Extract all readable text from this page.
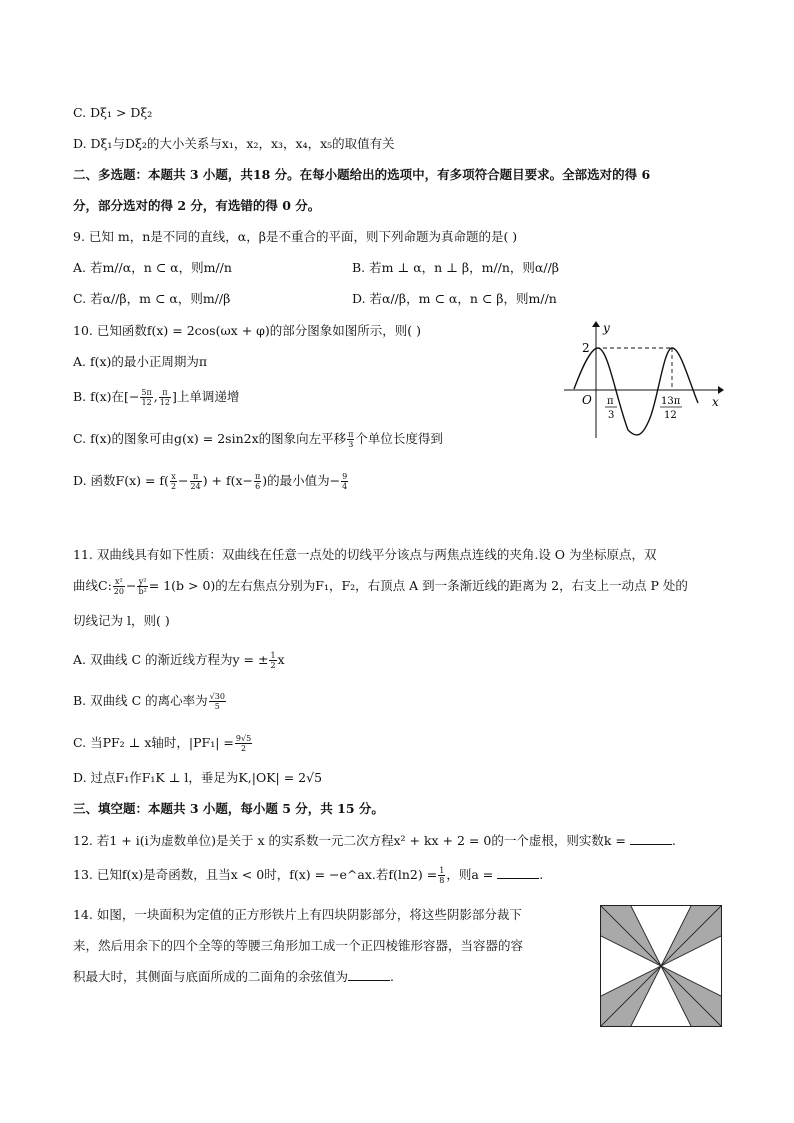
C. Dξ₁ > Dξ₂
D. Dξ₁与Dξ₂的大小关系与x₁，x₂，x₃，x₄，x₅的取值有关
二、多选题：本题共 3 小题，共18 分。在每小题给出的选项中，有多项符合题目要求。全部选对的得 6
分，部分选对的得 2 分，有选错的得 0 分。
9. 已知 m，n是不同的直线，α，β是不重合的平面，则下列命题为真命题的是( )
A. 若m//α，n ⊂ α，则m//n	B. 若m ⊥ α，n ⊥ β，m//n，则α//β
C. 若α//β，m ⊂ α，则m//β	D. 若α//β，m ⊂ α，n ⊂ β，则m//n
10. 已知函数f(x) = 2cos(ωx + φ)的部分图象如图所示，则( )
A. f(x)的最小正周期为π
B. f(x)在[− $\frac{5\pi}{12}$ , $\frac{\pi}{12}$ ]上单调递增
C. f(x)的图象可由g(x) = 2sin2x的图象向左平移 $\frac{\pi}{3}$ 个单位长度得到
D. 函数$F(x) = f( \frac{x}{2} - \frac{\pi}{24}$ ) + $f(x- \frac{\pi}{6}$ )的最小值为− $\frac{9}{4}$
y
x
O
2
π
3
13π
12
11. 双曲线具有如下性质：双曲线在任意一点处的切线平分该点与两焦点连线的夹角.设 O 为坐标原点，双
曲线C: $\frac{\text{x²}}{20} - \frac{\text{y²}}{\text{b²}} = 1(b > 0)$的左右焦点分别为F₁，F₂，右顶点 A 到一条渐近线的距离为 2，右支上一动点 P 处的
切线记为 l，则( )
A. 双曲线 C 的渐近线方程为y = ± $\frac{1}{2}$ x
B. 双曲线 C 的离心率为 $\frac{√30}{5}$
C. 当PF₂ ⊥ x轴时，$|PF_1| = \frac{9√5}{2}$
D. 过点F₁作F₁K ⊥ l，垂足为K,|OK| = 2√5
三、填空题：本题共 3 小题，每小题 5 分，共 15 分。
12. 若1 + i(i为虚数单位)是关于 x 的实系数一元二次方程x² + kx + 2 = 0的一个虚根，则实数k =	.
13. 已知f(x)是奇函数，且当x < 0时，f(x) = −e^ax.若$f(\ln 2) = \frac{1}{8}$ ，则a =	.
14. 如图，一块面积为定值的正方形铁片上有四块阴影部分，将这些阴影部分裁下
来，然后用余下的四个全等的等腰三角形加工成一个正四棱锥形容器，当容器的容
积最大时，其侧面与底面所成的二面角的余弦值为	.
